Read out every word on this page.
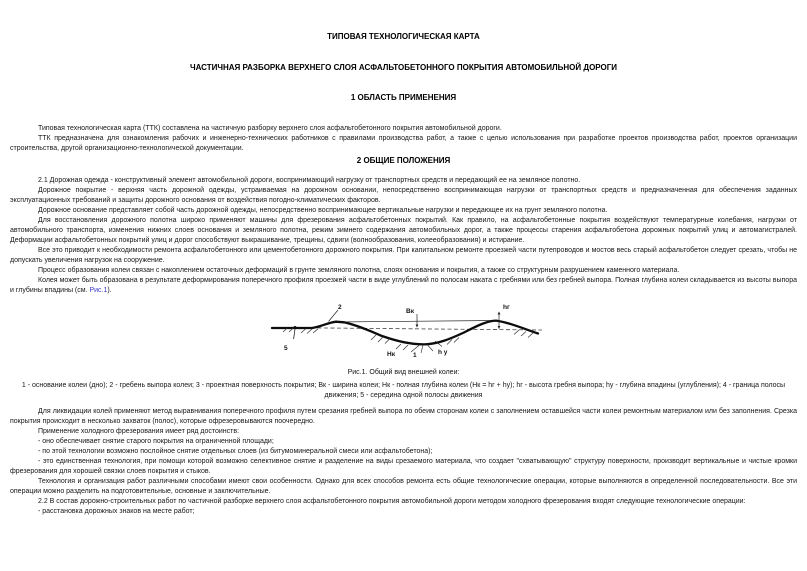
ТИПОВАЯ ТЕХНОЛОГИЧЕСКАЯ КАРТА
ЧАСТИЧНАЯ РАЗБОРКА ВЕРХНЕГО СЛОЯ АСФАЛЬТОБЕТОННОГО ПОКРЫТИЯ АВТОМОБИЛЬНОЙ ДОРОГИ
1 ОБЛАСТЬ ПРИМЕНЕНИЯ

Типовая технологическая карта (ТТК) составлена на частичную разборку верхнего слоя асфальтобетонного покрытия автомобильной дороги.

ТТК предназначена для ознакомления рабочих и инженерно-технических работников с правилами производства работ, а также с целью использования при разработке проектов производства работ, проектов организации строительства, другой организационно-технологической документации.

2 ОБЩИЕ ПОЛОЖЕНИЯ

2.1 Дорожная одежда - конструктивный элемент автомобильной дороги, воспринимающий нагрузку от транспортных средств и передающий ее на земляное полотно.

Дорожное покрытие - верхняя часть дорожной одежды, устраиваемая на дорожном основании, непосредственно воспринимающая нагрузки от транспортных средств и предназначенная для обеспечения заданных эксплуатационных требований и защиты дорожного основания от воздействия погодно-климатических факторов.

Дорожное основание представляет собой часть дорожной одежды, непосредственно воспринимающее вертикальные нагрузки и передающее их на грунт земляного полотна.

Для восстановления дорожного полотна широко применяют машины для фрезерования асфальтобетонных покрытий. Как правило, на асфальтобетонные покрытия воздействуют температурные колебания, нагрузки от автомобильного транспорта, изменения нижних слоев основания и земляного полотна, режим зимнего содержания автомобильных дорог, а также процессы старения асфальтобетона дорожных покрытий улиц и автомагистралей. Деформации асфальтобетонных покрытий улиц и дорог способствуют выкрашивание, трещины, сдвиги (волнообразования, колееобразования) и истирание.

Все это приводит к необходимости ремонта асфальтобетонного или цементобетонного дорожного покрытия. При капитальном ремонте проезжей части путепроводов и мостов весь старый асфальтобетон следует срезать, чтобы не допускать увеличения нагрузок на сооружение.

Процесс образования колеи связан с накоплением остаточных деформаций в грунте земляного полотна, слоях основания и покрытия, а также со структурным разрушением каменного материала.

Колея может быть образована в результате деформирования поперечного профиля проезжей части в виде углублений по полосам наката с гребнями или без гребней выпора. Полная глубина колеи складывается из высоты выпора и глубины впадины (см. Рис.1).

2
Вк
hг
5
Нк	1	h у
Рис.1. Общий вид внешней колеи:
1 - основание колеи (дно); 2 - гребень выпора колеи; 3 - проектная поверхность покрытия; Вк - ширина колеи; Нк - полная глубина колеи (Нк = hг + hу); hг - высота гребня выпора; hу - глубина впадины (углубления); 4 - граница полосы движения; 5 - середина одной полосы движения

Для ликвидации колей применяют метод выравнивания поперечного профиля путем срезания гребней выпора по обеим сторонам колеи с заполнением оставшейся части колеи ремонтным материалом или без заполнения. Срезка покрытия происходит в несколько захваток (полос), которые офрезеровываются поочередно.

Применение холодного фрезерования имеет ряд достоинств:

- оно обеспечивает снятие старого покрытия на ограниченной площади;

- по этой технологии возможно послойное снятие отдельных слоев (из битумоминеральной смеси или асфальтобетона);

- это единственная технология, при помощи которой возможно селективное снятие и разделение на виды срезаемого материала, что создает "схватывающую" структуру поверхности, производит вертикальные и чистые кромки фрезерования для хорошей связки слоев покрытия и стыков.

Технология и организация работ различными способами имеют свои особенности. Однако для всех способов ремонта есть общие технологические операции, которые выполняются в определенной последовательности. Все эти операции можно разделить на подготовительные, основные и заключительные.

2.2 В состав дорожно-строительных работ по частичной разборке верхнего слоя асфальтобетонного покрытия автомобильной дороги методом холодного фрезерования входят следующие технологические операции:

- расстановка дорожных знаков на месте работ;
